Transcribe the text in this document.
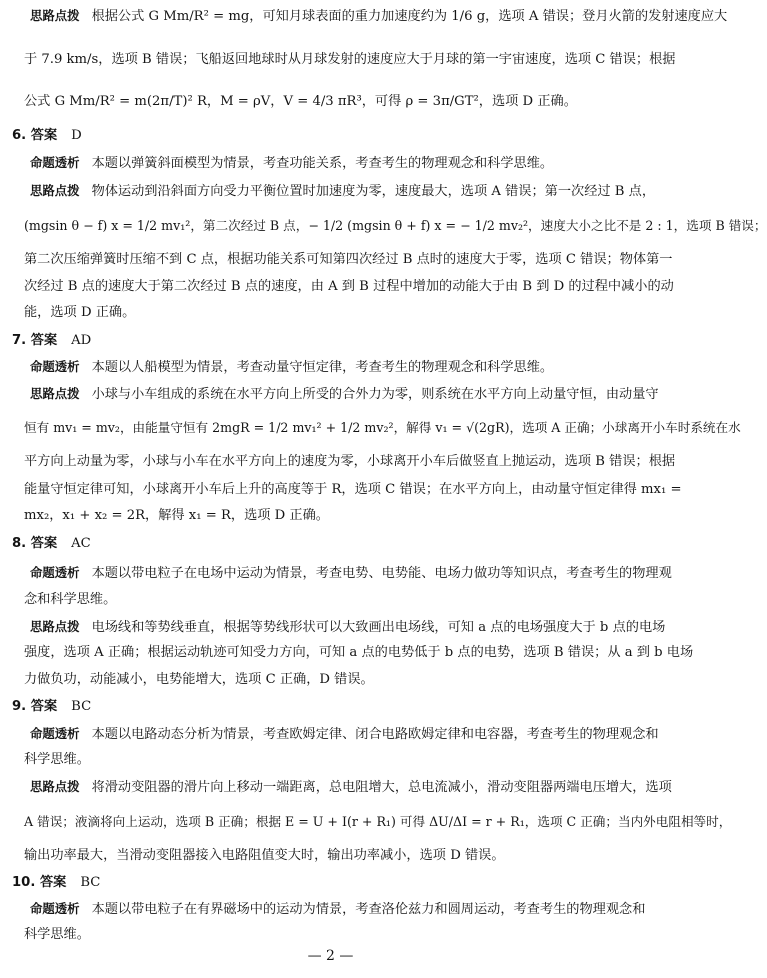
思路点拨 根据公式 G Mm/R² = mg，可知月球表面的重力加速度约为 1/6 g，选项 A 错误；登月火箭的发射速度应大
于 7.9 km/s，选项 B 错误；飞船返回地球时从月球发射的速度应大于月球的第一宇宙速度，选项 C 错误；根据
公式 G Mm/R² = m(2π/T)² R，M = ρV，V = 4/3 πR³，可得 ρ = 3π/GT²，选项 D 正确。
6. 答案 D
命题透析 本题以弹簧斜面模型为情景，考查功能关系，考查考生的物理观念和科学思维。
思路点拨 物体运动到沿斜面方向受力平衡位置时加速度为零，速度最大，选项 A 错误；第一次经过 B 点，
(mgsin θ − f) x = 1/2 mv₁²，第二次经过 B 点，− 1/2 (mgsin θ + f) x = − 1/2 mv₂²，速度大小之比不是 2 : 1，选项 B 错误；
第二次压缩弹簧时压缩不到 C 点，根据功能关系可知第四次经过 B 点时的速度大于零，选项 C 错误；物体第一
次经过 B 点的速度大于第二次经过 B 点的速度，由 A 到 B 过程中增加的动能大于由 B 到 D 的过程中减小的动
能，选项 D 正确。
7. 答案 AD
命题透析 本题以人船模型为情景，考查动量守恒定律，考查考生的物理观念和科学思维。
思路点拨 小球与小车组成的系统在水平方向上所受的合外力为零，则系统在水平方向上动量守恒，由动量守
恒有 mv₁ = mv₂，由能量守恒有 2mgR = 1/2 mv₁² + 1/2 mv₂²，解得 v₁ = √(2gR)，选项 A 正确；小球离开小车时系统在水
平方向上动量为零，小球与小车在水平方向上的速度为零，小球离开小车后做竖直上抛运动，选项 B 错误；根据
能量守恒定律可知，小球离开小车后上升的高度等于 R，选项 C 错误；在水平方向上，由动量守恒定律得 mx₁ =
mx₂，x₁ + x₂ = 2R，解得 x₁ = R，选项 D 正确。
8. 答案 AC
命题透析 本题以带电粒子在电场中运动为情景，考查电势、电势能、电场力做功等知识点，考查考生的物理观
念和科学思维。
思路点拨 电场线和等势线垂直，根据等势线形状可以大致画出电场线，可知 a 点的电场强度大于 b 点的电场
强度，选项 A 正确；根据运动轨迹可知受力方向，可知 a 点的电势低于 b 点的电势，选项 B 错误；从 a 到 b 电场
力做负功，动能减小，电势能增大，选项 C 正确，D 错误。
9. 答案 BC
命题透析 本题以电路动态分析为情景，考查欧姆定律、闭合电路欧姆定律和电容器，考查考生的物理观念和
科学思维。
思路点拨 将滑动变阻器的滑片向上移动一端距离，总电阻增大，总电流减小，滑动变阻器两端电压增大，选项
A 错误；液滴将向上运动，选项 B 正确；根据 E = U + I(r + R₁) 可得 ΔU/ΔI = r + R₁，选项 C 正确；当内外电阻相等时，
输出功率最大，当滑动变阻器接入电路阻值变大时，输出功率减小，选项 D 错误。
10. 答案 BC
命题透析 本题以带电粒子在有界磁场中的运动为情景，考查洛伦兹力和圆周运动，考查考生的物理观念和
科学思维。
— 2 —
